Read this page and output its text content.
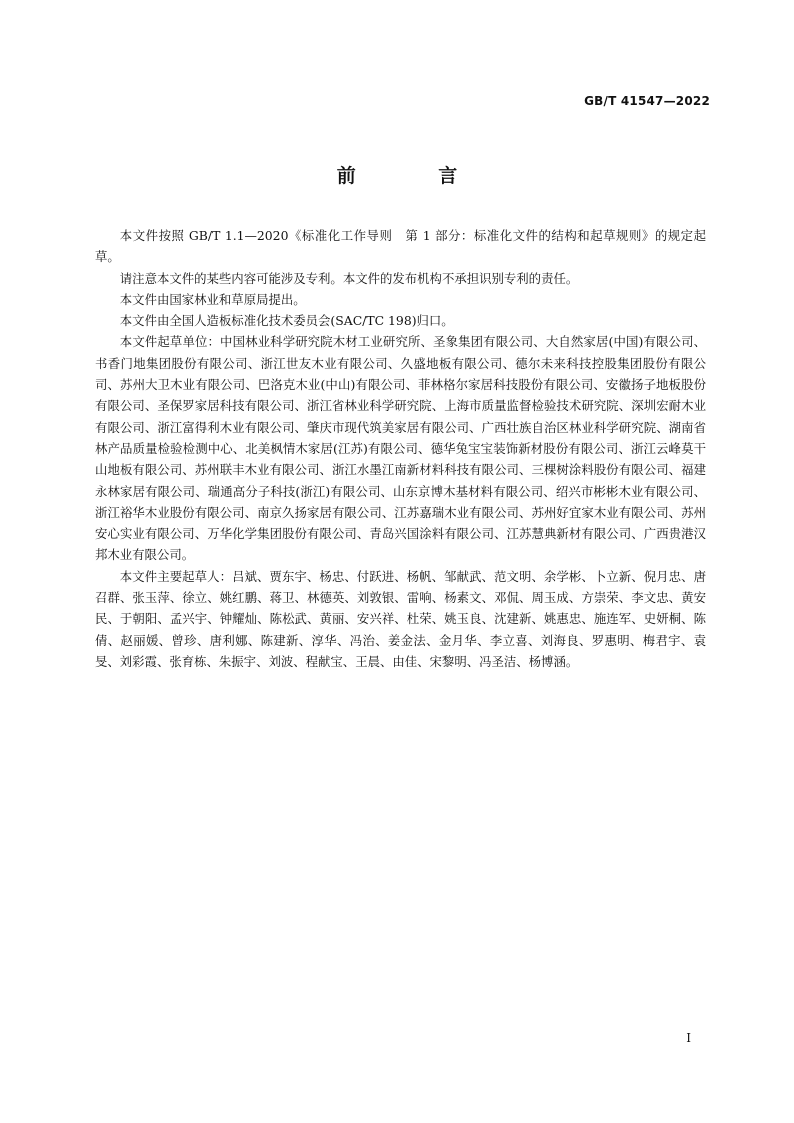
GB/T 41547—2022
前 言

本文件按照 GB/T 1.1—2020《标准化工作导则　第 1 部分：标准化文件的结构和起草规则》的规定起草。

请注意本文件的某些内容可能涉及专利。本文件的发布机构不承担识别专利的责任。

本文件由国家林业和草原局提出。

本文件由全国人造板标准化技术委员会(SAC/TC 198)归口。

本文件起草单位：中国林业科学研究院木材工业研究所、圣象集团有限公司、大自然家居(中国)有限公司、书香门地集团股份有限公司、浙江世友木业有限公司、久盛地板有限公司、德尔未来科技控股集团股份有限公司、苏州大卫木业有限公司、巴洛克木业(中山)有限公司、菲林格尔家居科技股份有限公司、安徽扬子地板股份有限公司、圣保罗家居科技有限公司、浙江省林业科学研究院、上海市质量监督检验技术研究院、深圳宏耐木业有限公司、浙江富得利木业有限公司、肇庆市现代筑美家居有限公司、广西壮族自治区林业科学研究院、湖南省林产品质量检验检测中心、北美枫情木家居(江苏)有限公司、德华兔宝宝装饰新材股份有限公司、浙江云峰莫干山地板有限公司、苏州联丰木业有限公司、浙江水墨江南新材料科技有限公司、三棵树涂料股份有限公司、福建永林家居有限公司、瑞通高分子科技(浙江)有限公司、山东京博木基材料有限公司、绍兴市彬彬木业有限公司、浙江裕华木业股份有限公司、南京久扬家居有限公司、江苏嘉瑞木业有限公司、苏州好宜家木业有限公司、苏州安心实业有限公司、万华化学集团股份有限公司、青岛兴国涂料有限公司、江苏慧典新材有限公司、广西贵港汉邦木业有限公司。

本文件主要起草人：吕斌、贾东宇、杨忠、付跃进、杨帆、邹献武、范文明、余学彬、卜立新、倪月忠、唐召群、张玉萍、徐立、姚红鹏、蒋卫、林德英、刘敦银、雷响、杨素文、邓侃、周玉成、方崇荣、李文忠、黄安民、于朝阳、孟兴宇、钟耀灿、陈松武、黄丽、安兴祥、杜荣、姚玉良、沈建新、姚惠忠、施连军、史妍桐、陈倩、赵丽媛、曾珍、唐利娜、陈建新、淳华、冯治、姜金法、金月华、李立喜、刘海良、罗惠明、梅君宇、袁旻、刘彩霞、张育栋、朱振宇、刘波、程献宝、王晨、由佳、宋黎明、冯圣洁、杨博涵。

I
